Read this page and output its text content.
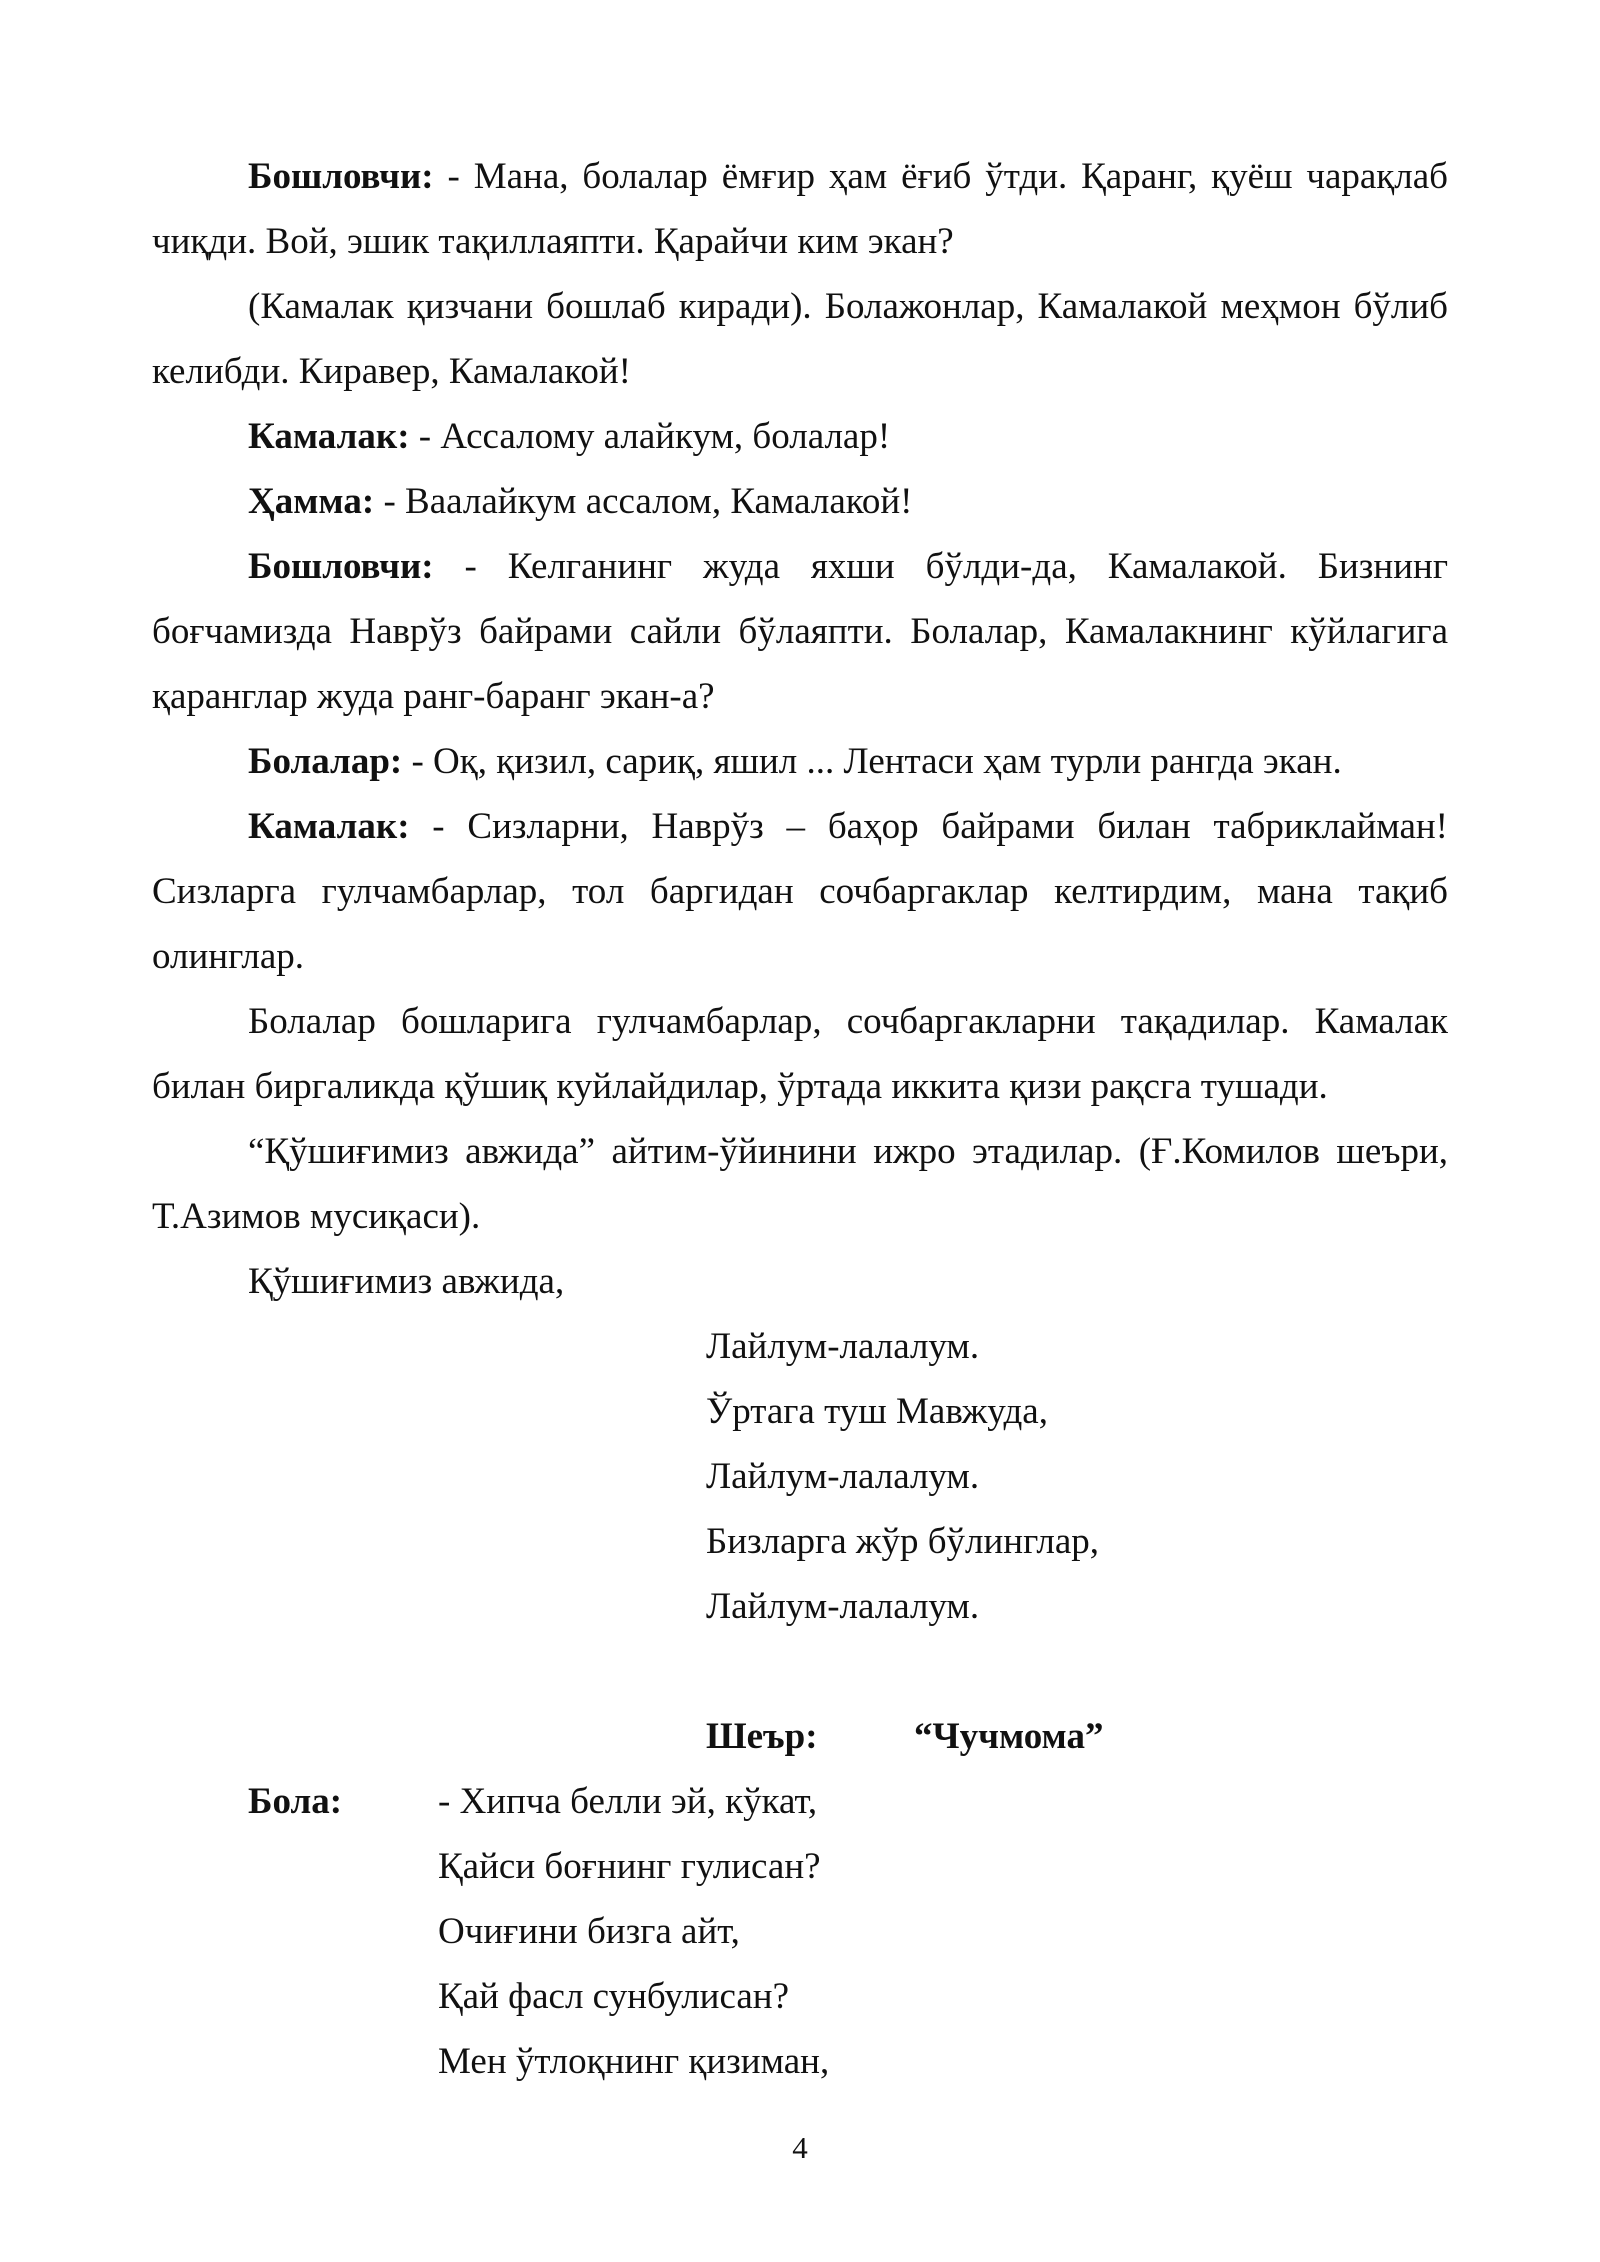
Бошловчи: - Мана, болалар ёмғир ҳам ёғиб ўтди. Қаранг, қуёш чарақлаб чиқди. Вой, эшик тақиллаяпти. Қарайчи ким экан?

(Камалак қизчани бошлаб киради). Болажонлар, Камалакой меҳмон бўлиб келибди. Киравер, Камалакой!

Камалак: - Ассалому алайкум, болалар!

Ҳамма: - Ваалайкум ассалом, Камалакой!

Бошловчи: - Келганинг жуда яхши бўлди-да, Камалакой. Бизнинг боғчамизда Наврўз байрами сайли бўлаяпти. Болалар, Камалакнинг кўйлагига қаранглар жуда ранг-баранг экан-а?

Болалар: - Оқ, қизил, сариқ, яшил ... Лентаси ҳам турли рангда экан.

Камалак: - Сизларни, Наврўз – баҳор байрами билан табриклайман! Сизларга гулчамбарлар, тол баргидан сочбаргаклар келтирдим, мана тақиб олинглар.

Болалар бошларига гулчамбарлар, сочбаргакларни тақадилар. Камалак билан биргаликда қўшиқ куйлайдилар, ўртада иккита қизи рақсга тушади.

“Қўшиғимиз авжида” айтим-ўйинини ижро этадилар. (Ғ.Комилов шеъри, Т.Азимов мусиқаси).

Қўшиғимиз авжида,

Лайлум-лалалум.

Ўртага туш Мавжуда,

Лайлум-лалалум.

Бизларга жўр бўлинглар,

Лайлум-лалалум.

Шеър:	“Чучмома”

Бола:	- Хипча белли эй, кўкат,

Қайси боғнинг гулисан?

Очиғини бизга айт,

Қай фасл сунбулисан?

Мен ўтлоқнинг қизиман,

4
